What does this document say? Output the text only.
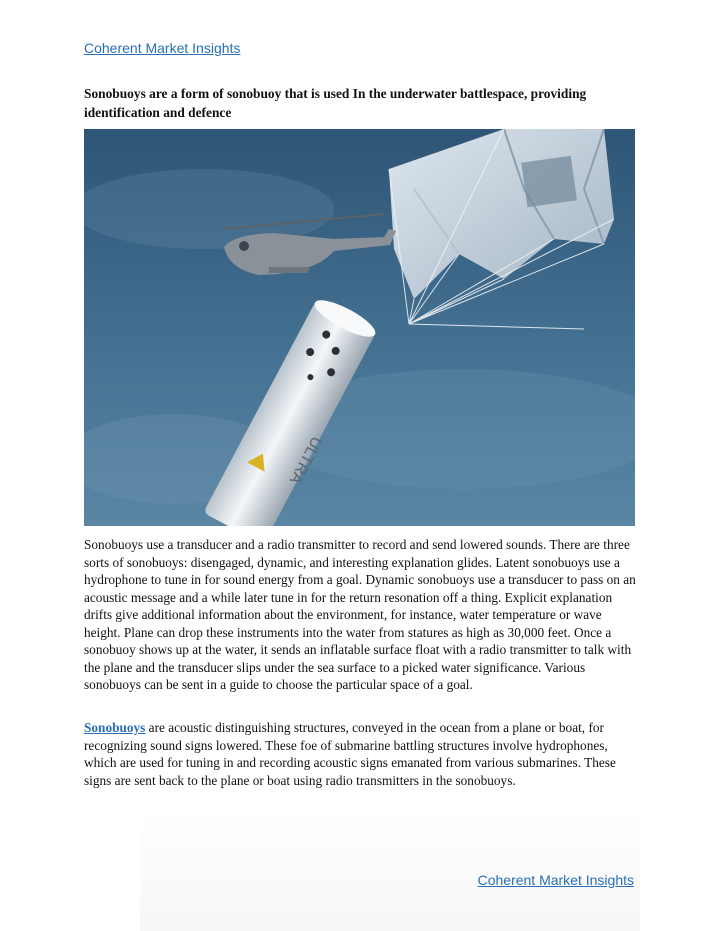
Coherent Market Insights
Sonobuoys are a form of sonobuoy that is used In the underwater battlespace, providing identification and defence
ULTRA

Sonobuoys use a transducer and a radio transmitter to record and send lowered sounds. There are three sorts of sonobuoys: disengaged, dynamic, and interesting explanation glides. Latent sonobuoys use a hydrophone to tune in for sound energy from a goal. Dynamic sonobuoys use a transducer to pass on an acoustic message and a while later tune in for the return resonation off a thing. Explicit explanation drifts give additional information about the environment, for instance, water temperature or wave height. Plane can drop these instruments into the water from statures as high as 30,000 feet. Once a sonobuoy shows up at the water, it sends an inflatable surface float with a radio transmitter to talk with the plane and the transducer slips under the sea surface to a picked water significance. Various sonobuoys can be sent in a guide to choose the particular space of a goal.

Sonobuoys are acoustic distinguishing structures, conveyed in the ocean from a plane or boat, for recognizing sound signs lowered. These foe of submarine battling structures involve hydrophones, which are used for tuning in and recording acoustic signs emanated from various submarines. These signs are sent back to the plane or boat using radio transmitters in the sonobuoys.

Coherent Market Insights
